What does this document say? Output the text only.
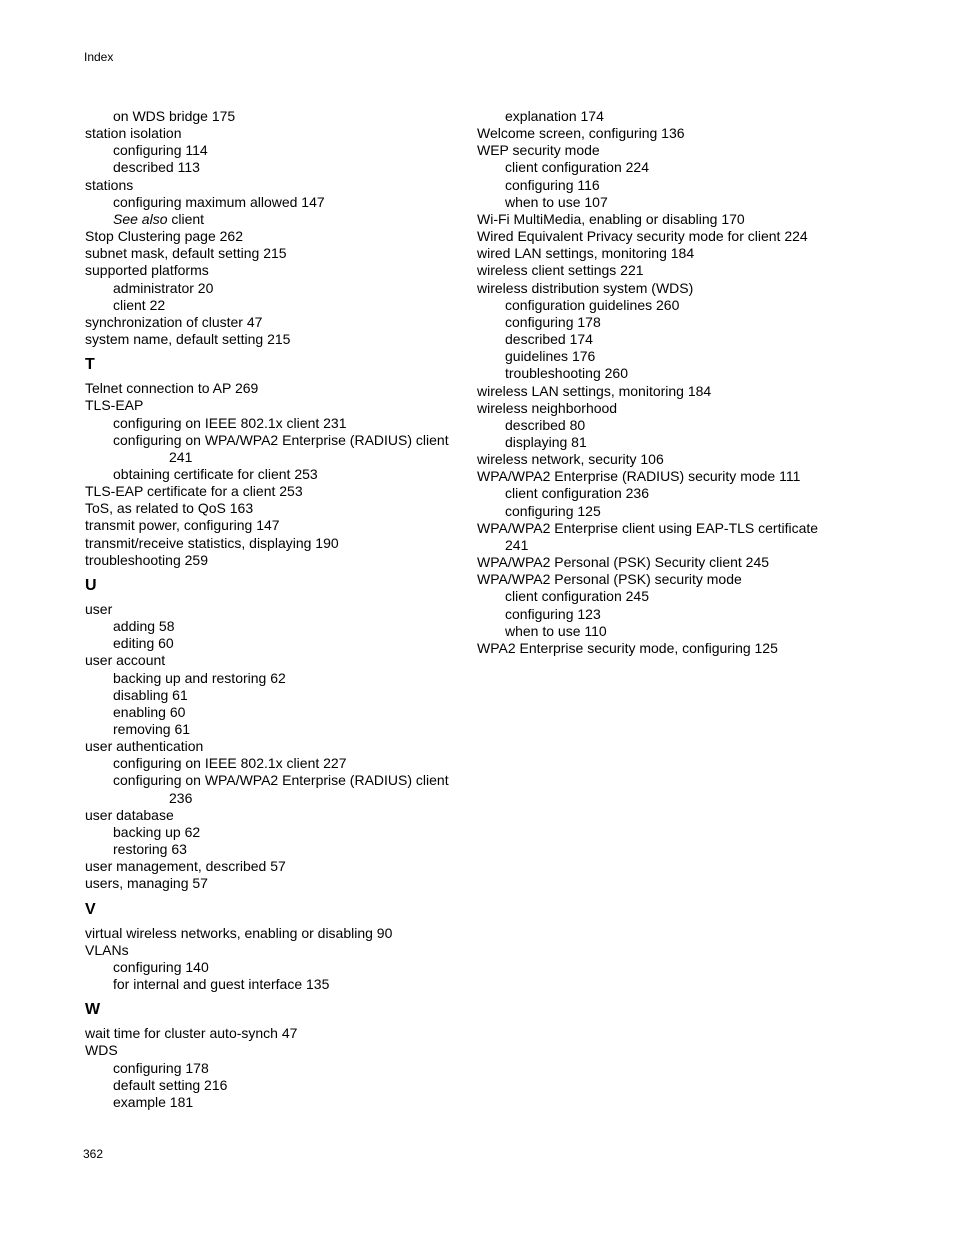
Index
on WDS bridge 175
station isolation
configuring 114
described 113
stations
configuring maximum allowed 147
See also client
Stop Clustering page 262
subnet mask, default setting 215
supported platforms
administrator 20
client 22
synchronization of cluster 47
system name, default setting 215
T
Telnet connection to AP 269
TLS-EAP
configuring on IEEE 802.1x client 231
configuring on WPA/WPA2 Enterprise (RADIUS) client
241
obtaining certificate for client 253
TLS-EAP certificate for a client 253
ToS, as related to QoS 163
transmit power, configuring 147
transmit/receive statistics, displaying 190
troubleshooting 259
U
user
adding 58
editing 60
user account
backing up and restoring 62
disabling 61
enabling 60
removing 61
user authentication
configuring on IEEE 802.1x client 227
configuring on WPA/WPA2 Enterprise (RADIUS) client
236
user database
backing up 62
restoring 63
user management, described 57
users, managing 57
V
virtual wireless networks, enabling or disabling 90
VLANs
configuring 140
for internal and guest interface 135
W
wait time for cluster auto-synch 47
WDS
configuring 178
default setting 216
example 181
explanation 174
Welcome screen, configuring 136
WEP security mode
client configuration 224
configuring 116
when to use 107
Wi-Fi MultiMedia, enabling or disabling 170
Wired Equivalent Privacy security mode for client 224
wired LAN settings, monitoring 184
wireless client settings 221
wireless distribution system (WDS)
configuration guidelines 260
configuring 178
described 174
guidelines 176
troubleshooting 260
wireless LAN settings, monitoring 184
wireless neighborhood
described 80
displaying 81
wireless network, security 106
WPA/WPA2 Enterprise (RADIUS) security mode 111
client configuration 236
configuring 125
WPA/WPA2 Enterprise client using EAP-TLS certificate
241
WPA/WPA2 Personal (PSK) Security client 245
WPA/WPA2 Personal (PSK) security mode
client configuration 245
configuring 123
when to use 110
WPA2 Enterprise security mode, configuring 125
362
